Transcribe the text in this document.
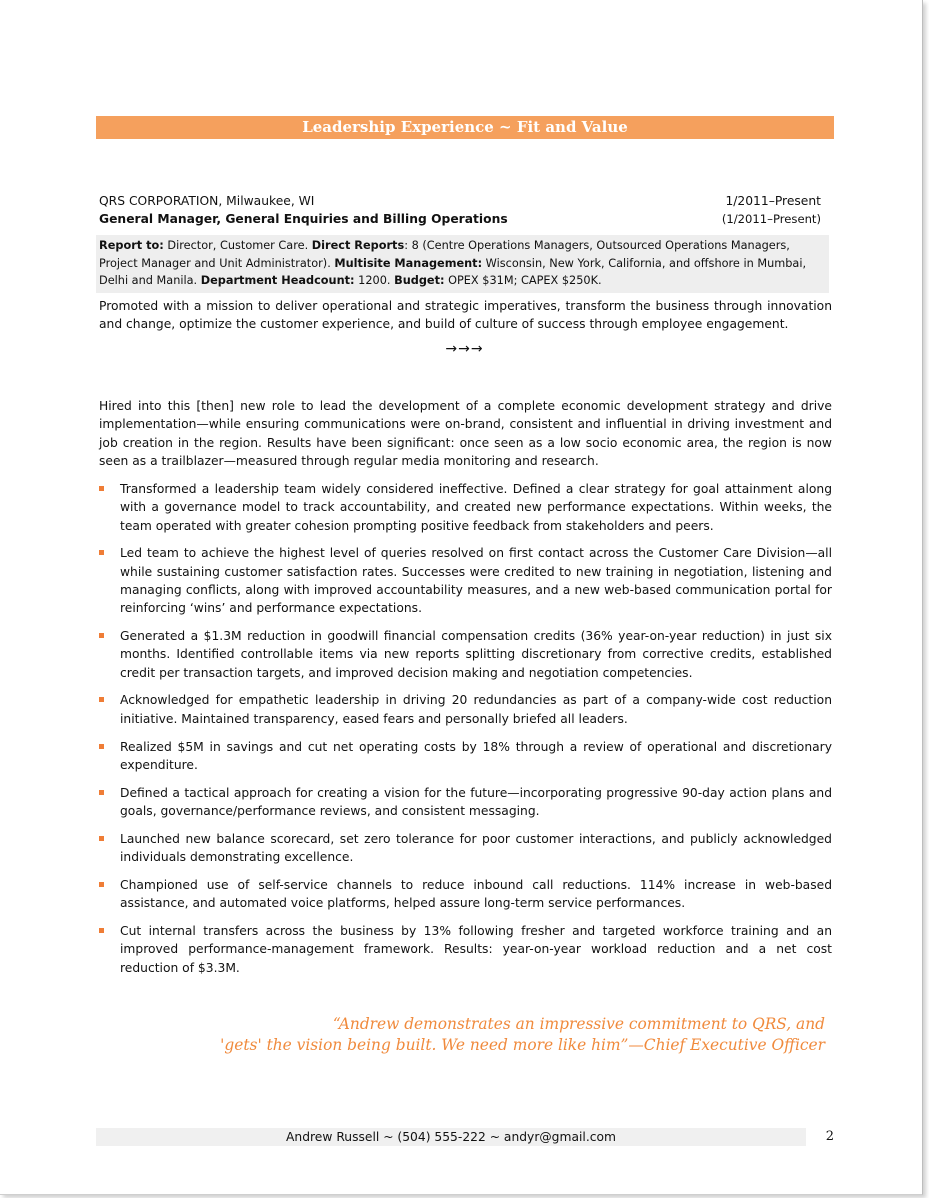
Leadership Experience ~ Fit and Value
QRS CORPORATION, Milwaukee, WI	1/2011–Present
General Manager, General Enquiries and Billing Operations	(1/2011–Present)
Report to: Director, Customer Care. Direct Reports: 8 (Centre Operations Managers, Outsourced Operations Managers, Project Manager and Unit Administrator). Multisite Management: Wisconsin, New York, California, and offshore in Mumbai, Delhi and Manila. Department Headcount: 1200. Budget: OPEX $31M; CAPEX $250K.
Promoted with a mission to deliver operational and strategic imperatives, transform the business through innovation and change, optimize the customer experience, and build of culture of success through employee engagement.
→→→
Hired into this [then] new role to lead the development of a complete economic development strategy and drive implementation—while ensuring communications were on-brand, consistent and influential in driving investment and job creation in the region. Results have been significant: once seen as a low socio economic area, the region is now seen as a trailblazer—measured through regular media monitoring and research.
Transformed a leadership team widely considered ineffective. Defined a clear strategy for goal attainment along with a governance model to track accountability, and created new performance expectations. Within weeks, the team operated with greater cohesion prompting positive feedback from stakeholders and peers.
Led team to achieve the highest level of queries resolved on first contact across the Customer Care Division—all while sustaining customer satisfaction rates. Successes were credited to new training in negotiation, listening and managing conflicts, along with improved accountability measures, and a new web-based communication portal for reinforcing ‘wins’ and performance expectations.
Generated a $1.3M reduction in goodwill financial compensation credits (36% year-on-year reduction) in just six months. Identified controllable items via new reports splitting discretionary from corrective credits, established credit per transaction targets, and improved decision making and negotiation competencies.
Acknowledged for empathetic leadership in driving 20 redundancies as part of a company-wide cost reduction initiative. Maintained transparency, eased fears and personally briefed all leaders.
Realized $5M in savings and cut net operating costs by 18% through a review of operational and discretionary expenditure.
Defined a tactical approach for creating a vision for the future—incorporating progressive 90-day action plans and goals, governance/performance reviews, and consistent messaging.
Launched new balance scorecard, set zero tolerance for poor customer interactions, and publicly acknowledged individuals demonstrating excellence.
Championed use of self-service channels to reduce inbound call reductions. 114% increase in web-based assistance, and automated voice platforms, helped assure long-term service performances.
Cut internal transfers across the business by 13% following fresher and targeted workforce training and an improved performance-management framework. Results: year-on-year workload reduction and a net cost reduction of $3.3M.
“Andrew demonstrates an impressive commitment to QRS, and
'gets' the vision being built. We need more like him”—Chief Executive Officer
Andrew Russell ~ (504) 555-222 ~ andyr@gmail.com	2
